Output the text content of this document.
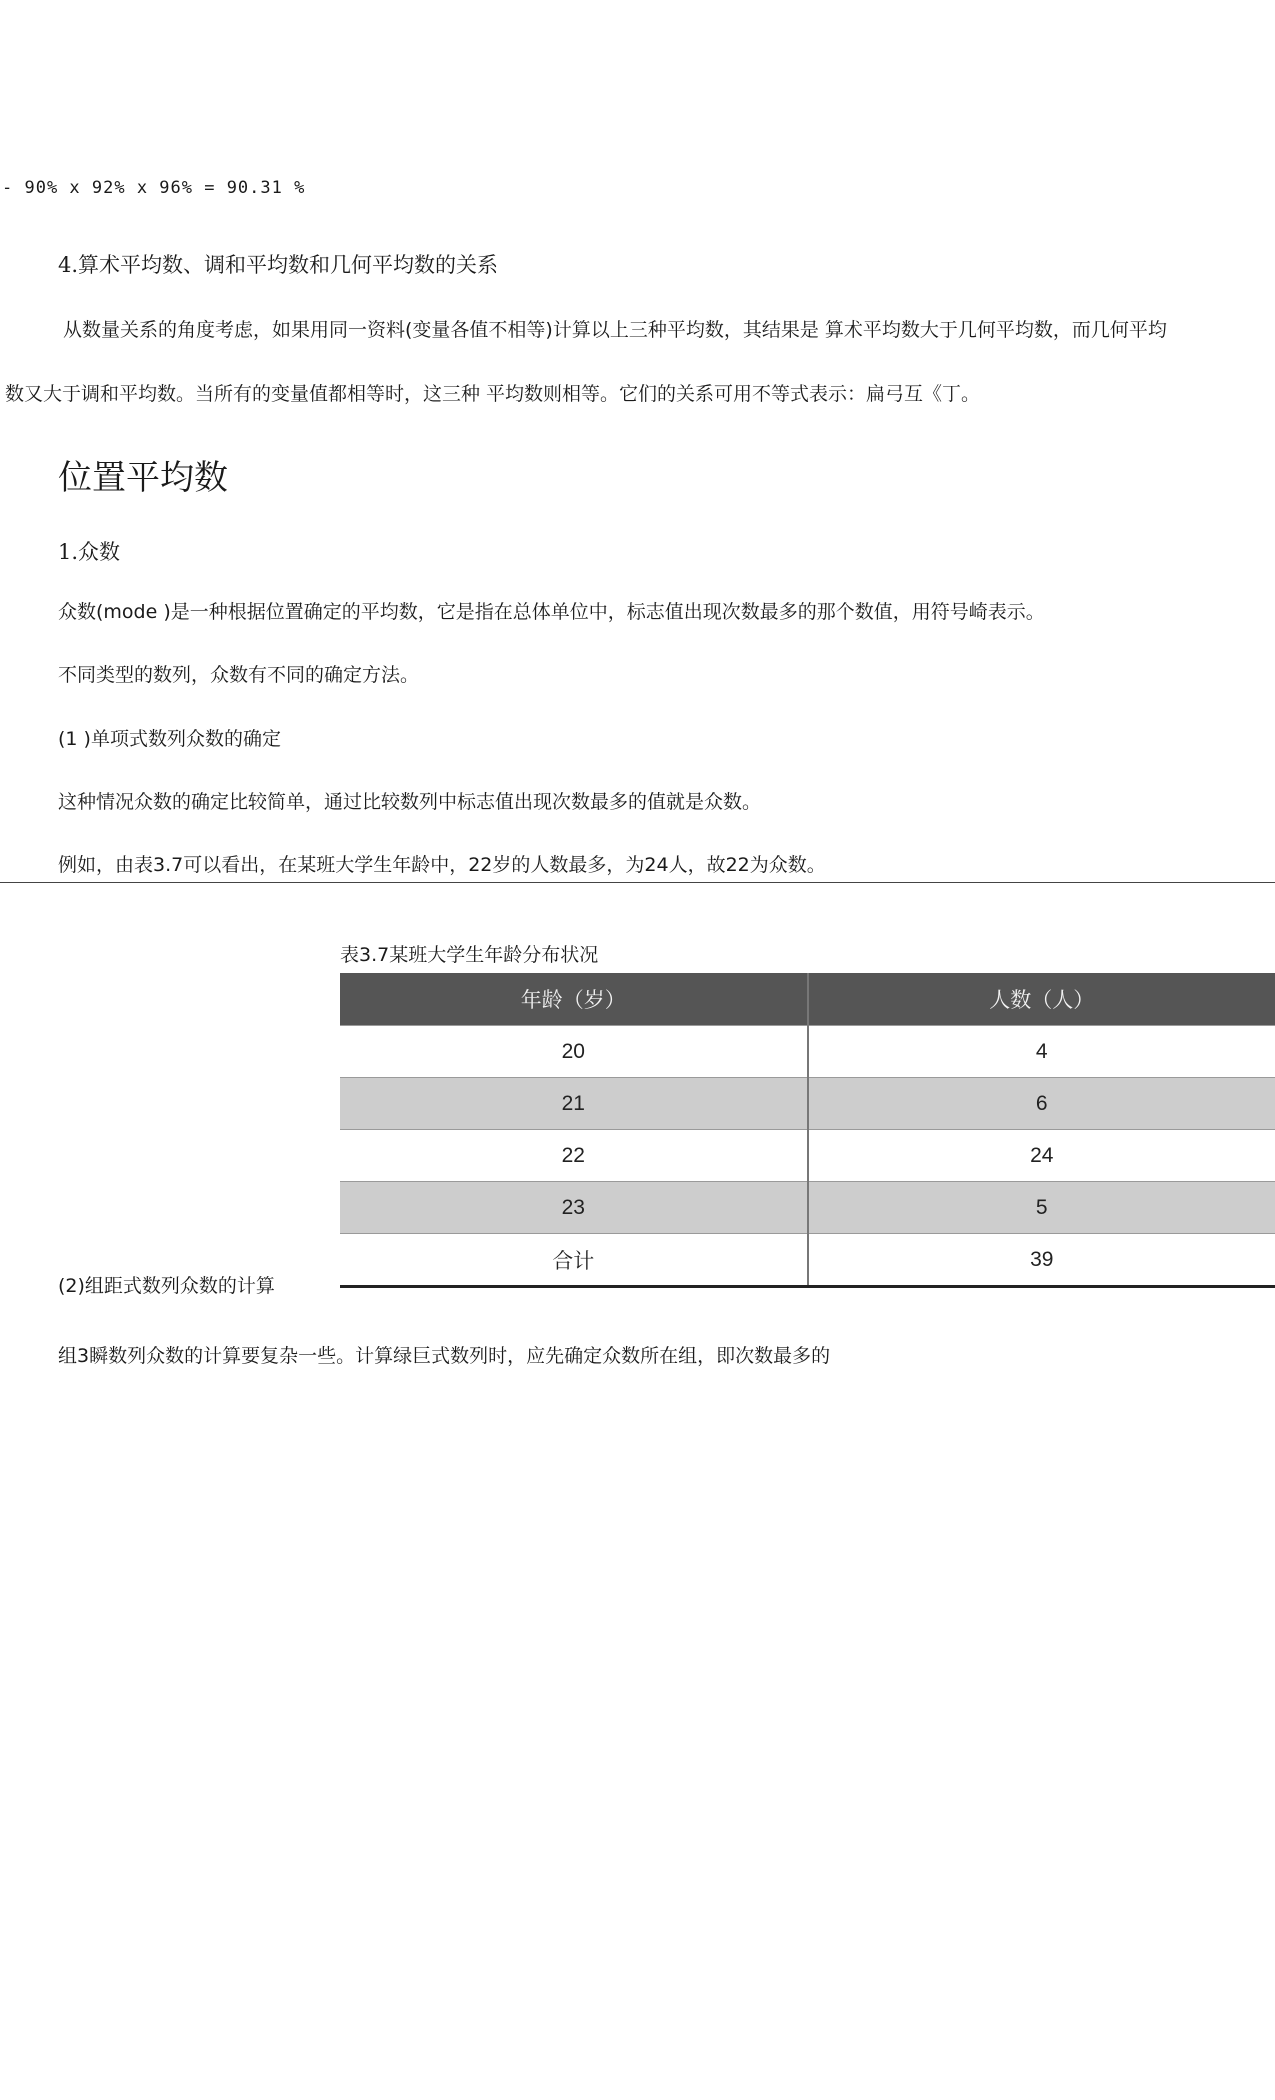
- 90% x 92% x 96% = 90.31 %
4.算术平均数、调和平均数和几何平均数的关系
从数量关系的角度考虑，如果用同一资料(变量各值不相等)计算以上三种平均数，其结果是 算术平均数大于几何平均数，而几何平均
数又大于调和平均数。当所有的变量值都相等时，这三种 平均数则相等。它们的关系可用不等式表示：扁弓互《丁。
位置平均数
1.众数
众数(mode )是一种根据位置确定的平均数，它是指在总体单位中，标志值出现次数最多的那个数值，用符号崎表示。
不同类型的数列，众数有不同的确定方法。
(1 )单项式数列众数的确定
这种情况众数的确定比较简单，通过比较数列中标志值出现次数最多的值就是众数。
例如，由表3.7可以看出，在某班大学生年龄中，22岁的人数最多，为24人，故22为众数。
表3.7某班大学生年龄分布状况
年龄（岁）	人数（人）
20	4
21	6
22	24
23	5
合计	39
(2)组距式数列众数的计算
组3瞬数列众数的计算要复杂一些。计算绿巨式数列时，应先确定众数所在组，即次数最多的
